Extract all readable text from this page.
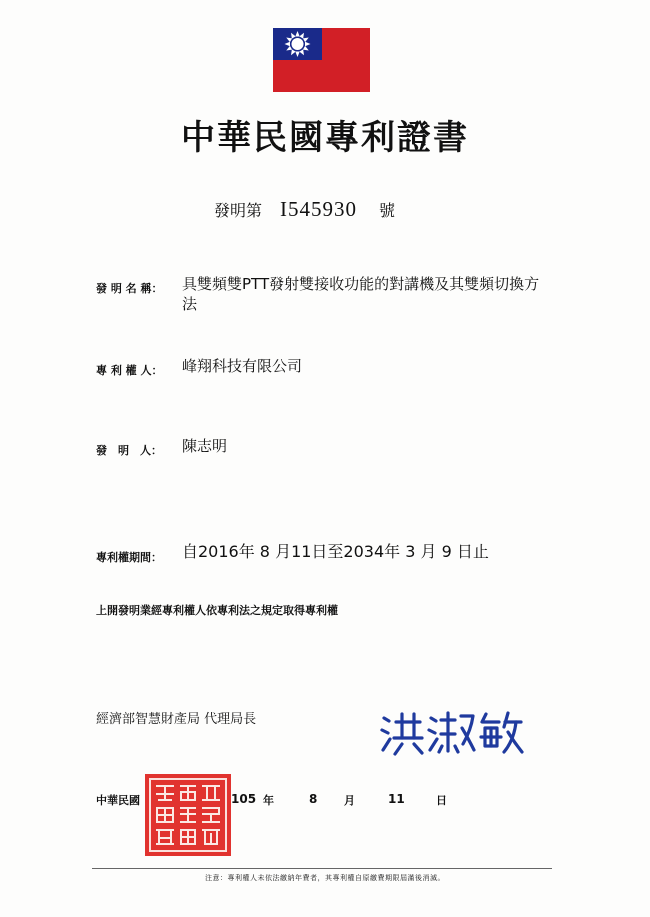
中華民國專利證書
發明第 I545930 號
發 明 名 稱： 具雙頻雙PTT發射雙接收功能的對講機及其雙頻切換方法
專 利 權 人： 峰翔科技有限公司
發　明　人： 陳志明
專利權期間： 自2016年 8 月11日至2034年 3 月 9 日止
上開發明業經專利權人依專利法之規定取得專利權
經濟部智慧財產局 代理局長
中華民國	105 年	8 月	11	日
注意：專利權人未依法繳納年費者，其專利權自原繳費期限屆滿後消滅。
